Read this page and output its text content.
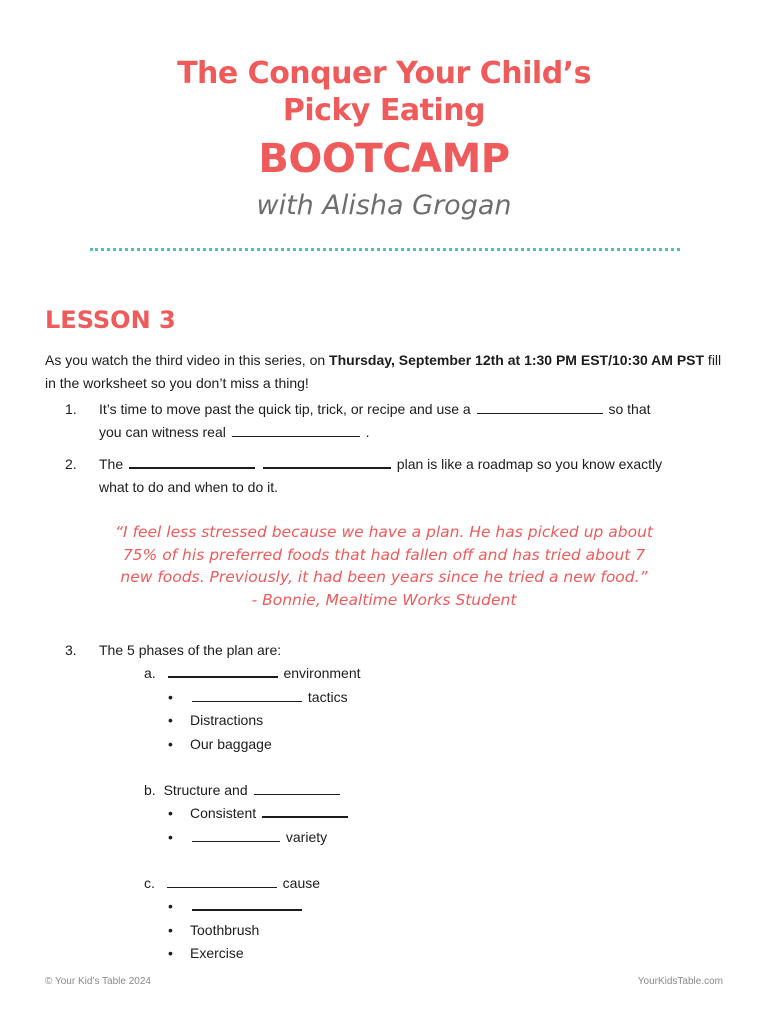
The Conquer Your Child’s
Picky Eating
BOOTCAMP
with Alisha Grogan
LESSON 3
As you watch the third video in this series, on Thursday, September 12th at 1:30 PM EST/10:30 AM PST fill in the worksheet so you don’t miss a thing!
1. It’s time to move past the quick tip, trick, or recipe and use a	so that
you can witness real	.
2. The	plan is like a roadmap so you know exactly
what to do and when to do it.
“I feel less stressed because we have a plan. He has picked up about
75% of his preferred foods that had fallen off and has tried about 7
new foods. Previously, it had been years since he tried a new food.”
- Bonnie, Mealtime Works Student
3. The 5 phases of the plan are:
a.	environment
•	tactics
• Distractions
• Our baggage
b. Structure and
• Consistent
•	variety
c.	cause
•
• Toothbrush
• Exercise
© Your Kid’s Table 2024	YourKidsTable.com
